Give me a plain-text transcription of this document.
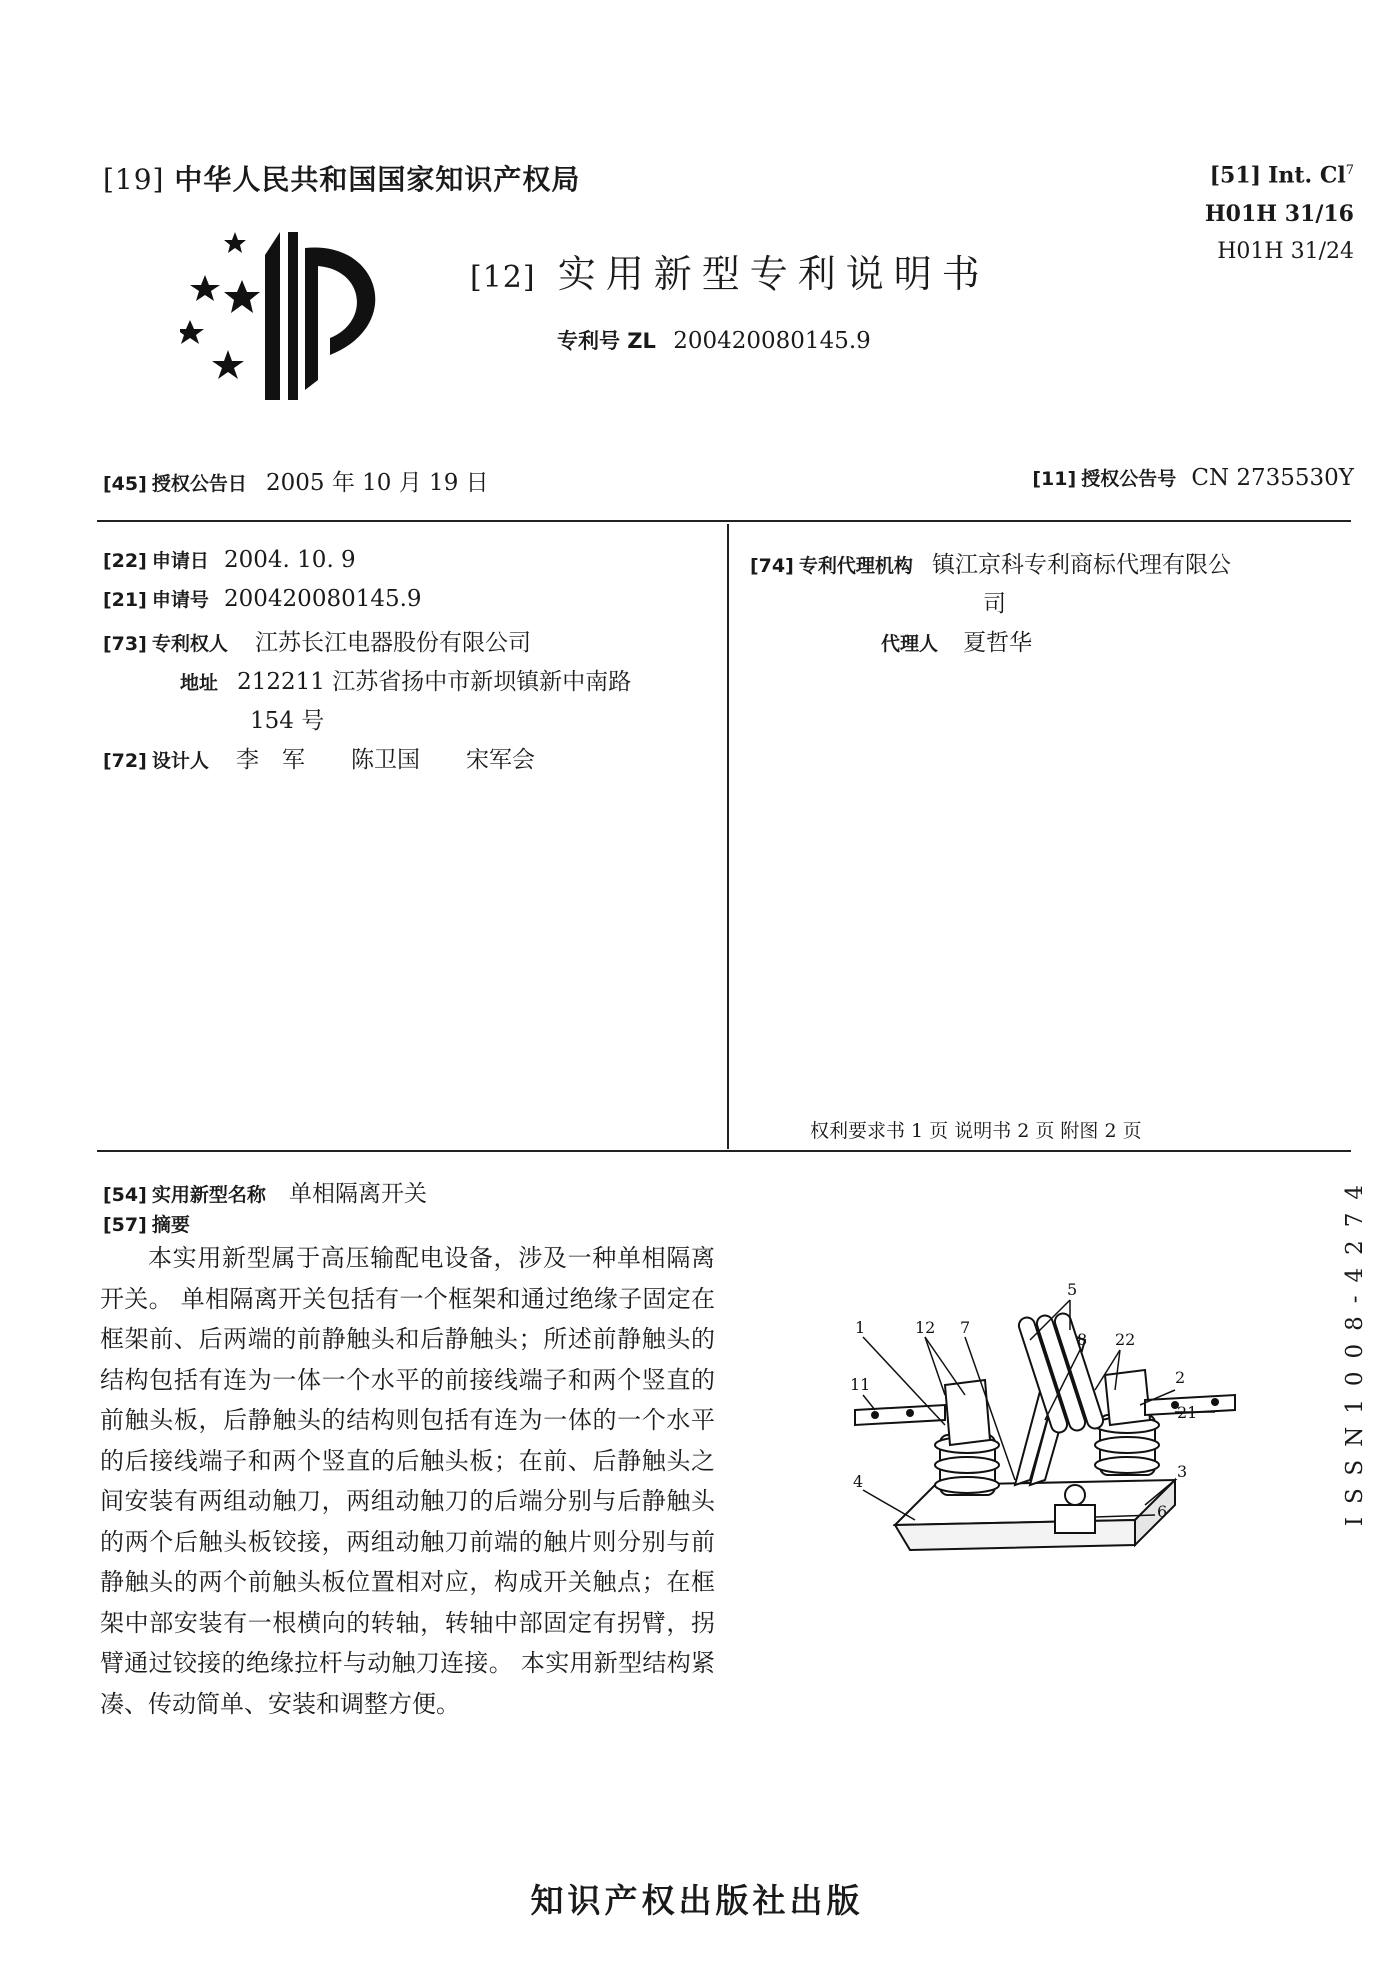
[19] 中华人民共和国国家知识产权局
[12] 实用新型专利说明书
专利号 ZL 200420080145.9
[51] Int. Cl$^7$
H01H 31/16
H01H 31/24
[45] 授权公告日 2005 年 10 月 19 日	[11] 授权公告号 CN 2735530Y
[22] 申请日 2004. 10. 9
[21] 申请号 200420080145.9
[73] 专利权人 江苏长江电器股份有限公司
地址 212211 江苏省扬中市新坝镇新中南路
154 号
[72] 设计人 李　军　　陈卫国　　宋军会
[74] 专利代理机构 镇江京科专利商标代理有限公
司
代理人 夏哲华
权利要求书 1 页 说明书 2 页 附图 2 页
[54] 实用新型名称 单相隔离开关
[57] 摘要
本实用新型属于高压输配电设备，涉及一种单相隔离开关。 单相隔离开关包括有一个框架和通过绝缘子固定在框架前、后两端的前静触头和后静触头；所述前静触头的结构包括有连为一体一个水平的前接线端子和两个竖直的前触头板，后静触头的结构则包括有连为一体的一个水平的后接线端子和两个竖直的后触头板；在前、后静触头之间安装有两组动触刀，两组动触刀的后端分别与后静触头的两个后触头板铰接，两组动触刀前端的触片则分别与前静触头的两个前触头板位置相对应，构成开关触点；在框架中部安装有一根横向的转轴，转轴中部固定有拐臂，拐臂通过铰接的绝缘拉杆与动触刀连接。 本实用新型结构紧凑、传动简单、安装和调整方便。
1	12 7
5
8 22
2
21
11
4
3
6	ISSN1008-4274
知识产权出版社出版
